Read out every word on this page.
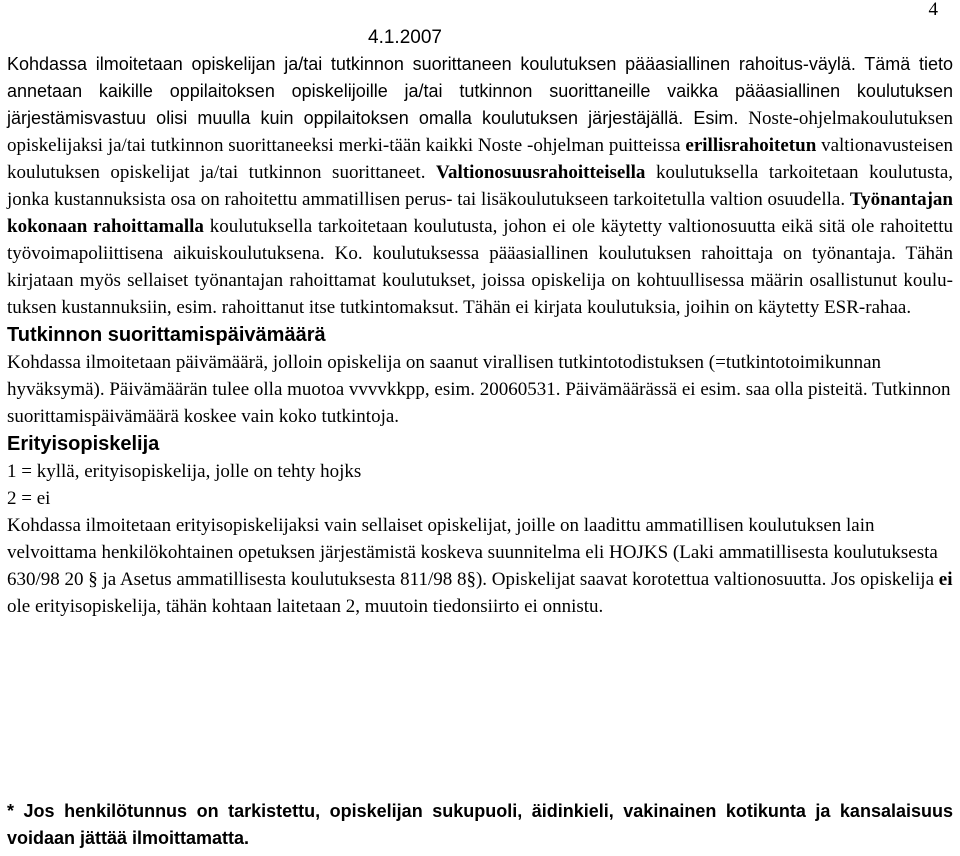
4
4.1.2007

Kohdassa ilmoitetaan opiskelijan ja/tai tutkinnon suorittaneen koulutuksen pääasiallinen rahoitus-väylä. Tämä tieto annetaan kaikille oppilaitoksen opiskelijoille ja/tai tutkinnon suorittaneille vaikka pääasiallinen koulutuksen järjestämisvastuu olisi muulla kuin oppilaitoksen omalla koulutuksen järjestäjällä. Esim. Noste-ohjelmakoulutuksen opiskelijaksi ja/tai tutkinnon suorittaneeksi merki-tään kaikki Noste -ohjelman puitteissa erillisrahoitetun valtionavusteisen koulutuksen opiskelijat ja/tai tutkinnon suorittaneet. Valtionosuusrahoitteisella koulutuksella tarkoitetaan koulutusta, jonka kustannuksista osa on rahoitettu ammatillisen perus- tai lisäkoulutukseen tarkoitetulla valtion osuudella. Työnantajan kokonaan rahoittamalla koulutuksella tarkoitetaan koulutusta, johon ei ole käytetty valtionosuutta eikä sitä ole rahoitettu työvoimapoliittisena aikuiskoulutuksena. Ko. koulutuksessa pääasiallinen koulutuksen rahoittaja on työnantaja. Tähän kirjataan myös sellaiset työnantajan rahoittamat koulutukset, joissa opiskelija on kohtuullisessa määrin osallistunut koulu-tuksen kustannuksiin, esim. rahoittanut itse tutkintomaksut. Tähän ei kirjata koulutuksia, joihin on käytetty ESR-rahaa.

Tutkinnon suorittamispäivämäärä

Kohdassa ilmoitetaan päivämäärä, jolloin opiskelija on saanut virallisen tutkintotodistuksen (=tutkintotoimikunnan hyväksymä). Päivämäärän tulee olla muotoa vvvvkkpp, esim. 20060531. Päivämäärässä ei esim. saa olla pisteitä. Tutkinnon suorittamispäivämäärä koskee vain koko tutkintoja.

Erityisopiskelija

1 = kyllä, erityisopiskelija, jolle on tehty hojks

2 = ei

Kohdassa ilmoitetaan erityisopiskelijaksi vain sellaiset opiskelijat, joille on laadittu ammatillisen koulutuksen lain velvoittama henkilökohtainen opetuksen järjestämistä koskeva suunnitelma eli HOJKS (Laki ammatillisesta koulutuksesta 630/98 20 § ja Asetus ammatillisesta koulutuksesta 811/98 8§). Opiskelijat saavat korotettua valtionosuutta. Jos opiskelija ei ole erityisopiskelija, tähän kohtaan laitetaan 2, muutoin tiedonsiirto ei onnistu.

* Jos henkilötunnus on tarkistettu, opiskelijan sukupuoli, äidinkieli, vakinainen kotikunta ja kansalaisuus voidaan jättää ilmoittamatta.
